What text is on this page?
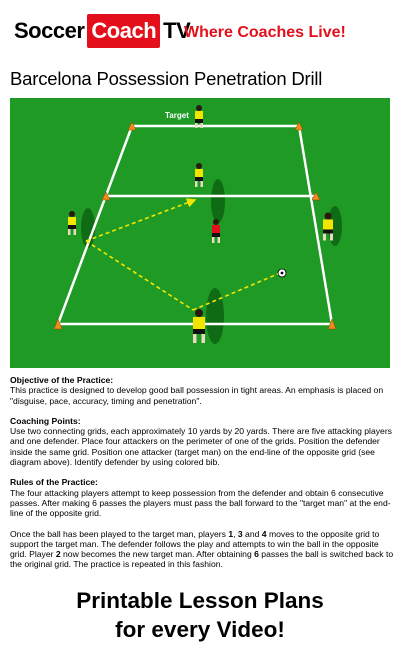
Soccer Coach TV
Where Coaches Live!
Barcelona Possession Penetration Drill
Target
Objective of the Practice:
This practice is designed to develop good ball possession in tight areas. An emphasis is placed on "disguise, pace, accuracy, timing and penetration".
Coaching Points:
Use two connecting grids, each approximately 10 yards by 20 yards. There are five attacking players and one defender. Place four attackers on the perimeter of one of the grids. Position the defender inside the same grid. Position one attacker (target man) on the end-line of the opposite grid (see diagram above). Identify defender by using colored bib.
Rules of the Practice:
The four attacking players attempt to keep possession from the defender and obtain 6 consecutive passes. After making 6 passes the players must pass the ball forward to the "target man" at the end-line of the opposite grid.
Once the ball has been played to the target man, players 1, 3 and 4 moves to the opposite grid to support the target man. The defender follows the play and attempts to win the ball in the opposite grid. Player 2 now becomes the new target man. After obtaining 6 passes the ball is switched back to the original grid. The practice is repeated in this fashion.
Printable Lesson Plans
for every Video!
